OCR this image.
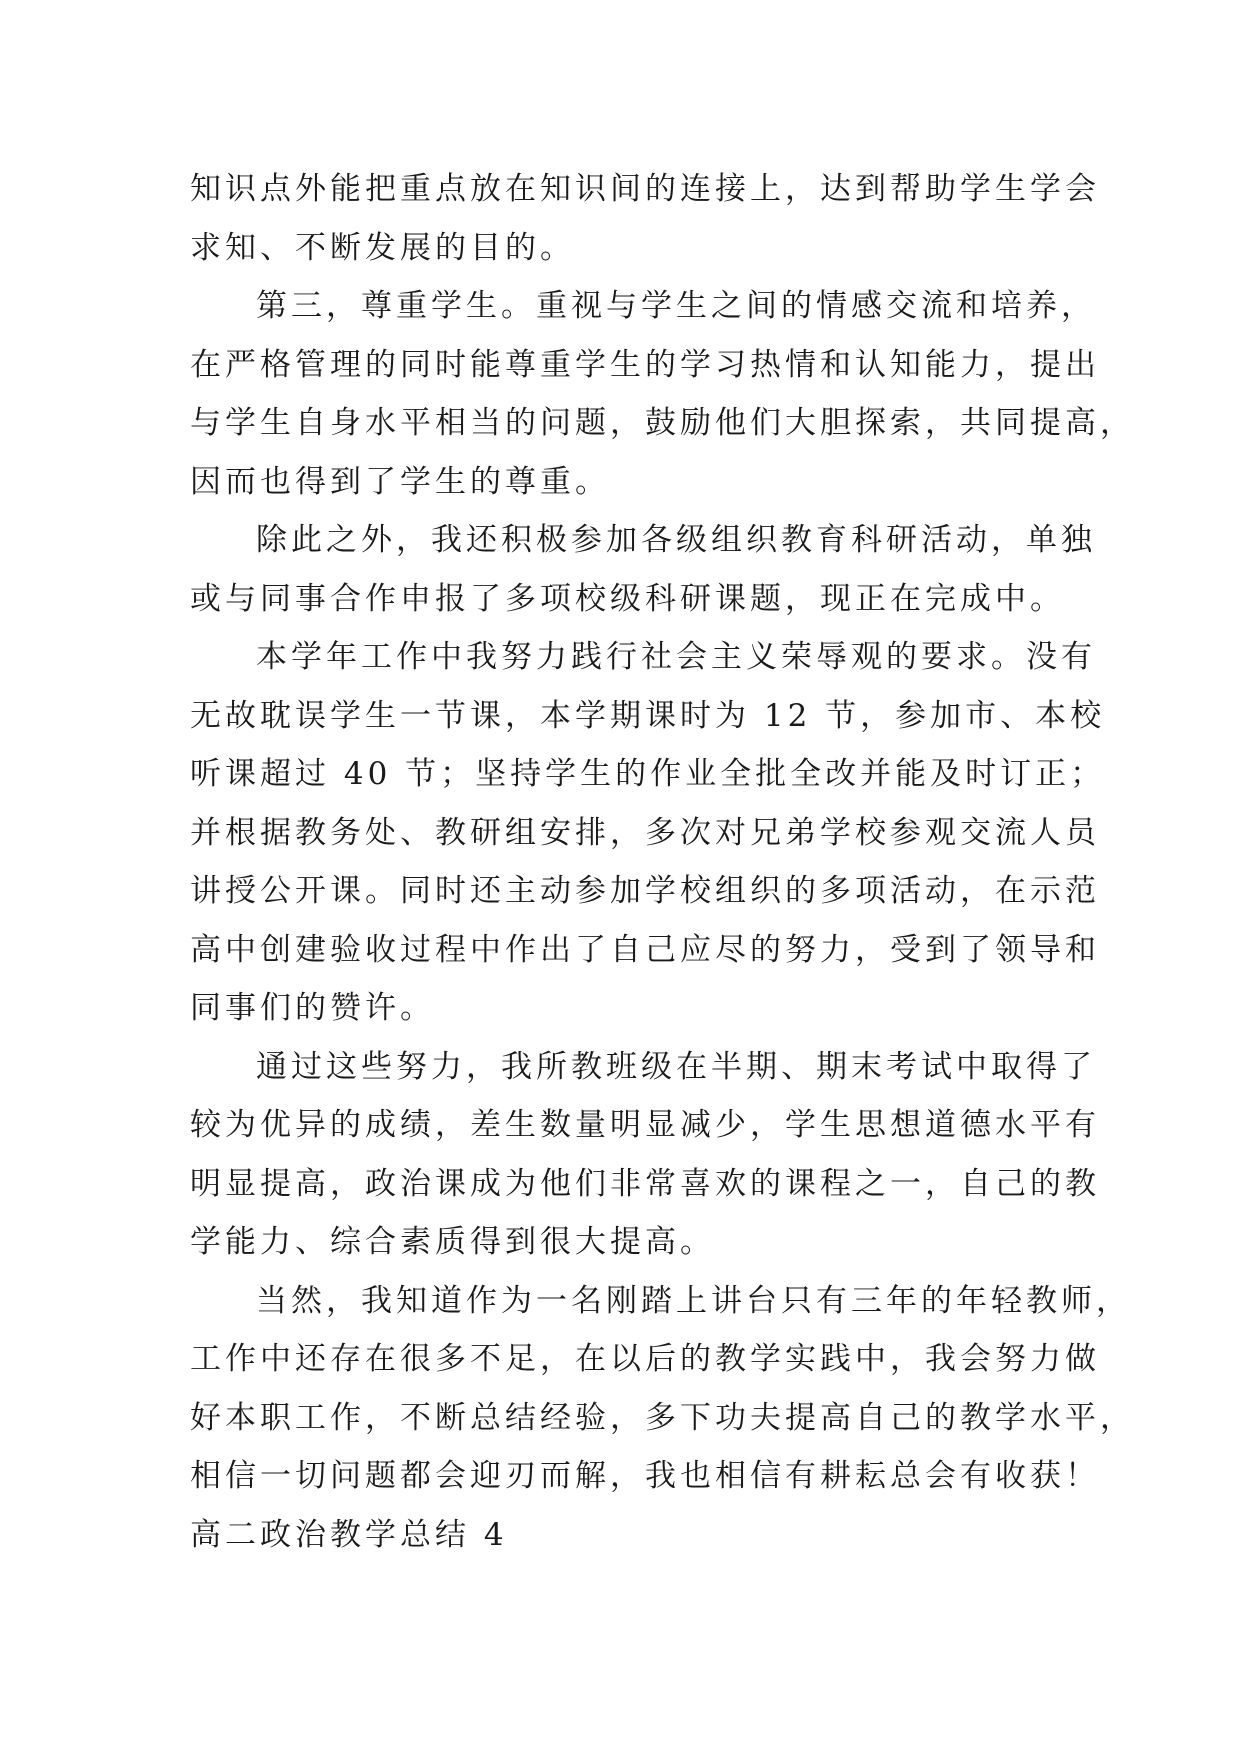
知识点外能把重点放在知识间的连接上，达到帮助学生学会
求知、不断发展的目的。
第三，尊重学生。重视与学生之间的情感交流和培养，
在严格管理的同时能尊重学生的学习热情和认知能力，提出
与学生自身水平相当的问题，鼓励他们大胆探索，共同提高，
因而也得到了学生的尊重。
除此之外，我还积极参加各级组织教育科研活动，单独
或与同事合作申报了多项校级科研课题，现正在完成中。
本学年工作中我努力践行社会主义荣辱观的要求。没有
无故耽误学生一节课，本学期课时为 12 节，参加市、本校
听课超过 40 节；坚持学生的作业全批全改并能及时订正；
并根据教务处、教研组安排，多次对兄弟学校参观交流人员
讲授公开课。同时还主动参加学校组织的多项活动，在示范
高中创建验收过程中作出了自己应尽的努力，受到了领导和
同事们的赞许。
通过这些努力，我所教班级在半期、期末考试中取得了
较为优异的成绩，差生数量明显减少，学生思想道德水平有
明显提高，政治课成为他们非常喜欢的课程之一，自己的教
学能力、综合素质得到很大提高。
当然，我知道作为一名刚踏上讲台只有三年的年轻教师，
工作中还存在很多不足，在以后的教学实践中，我会努力做
好本职工作，不断总结经验，多下功夫提高自己的教学水平，
相信一切问题都会迎刃而解，我也相信有耕耘总会有收获！
高二政治教学总结 4
